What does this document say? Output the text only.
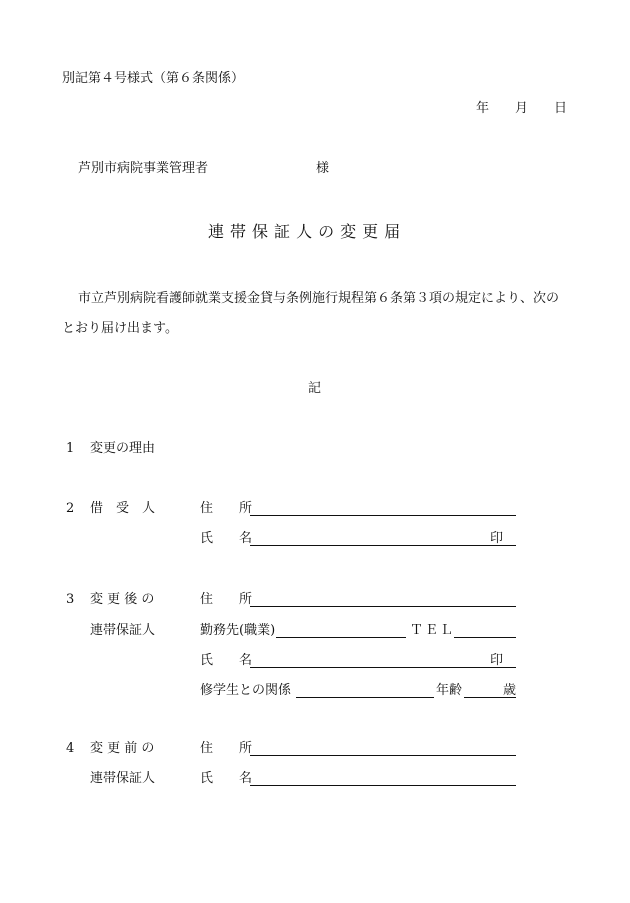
別記第４号様式（第６条関係）
年 月 日
芦別市病院事業管理者	様
連 帯 保 証 人 の 変 更 届
市立芦別病院看護師就業支援金貸与条例施行規程第６条第３項の規定により、次の
とおり届け出ます。
記
1 変更の理由
2 借　受　人	住　　所
氏　　名	印
3 変 更 後 の
連帯保証人
住　　所
勤務先(職業)	ＴＥＬ
氏　　名	印
修学生との関係	年齢	歳
4 変 更 前 の
連帯保証人
住　　所
氏　　名
